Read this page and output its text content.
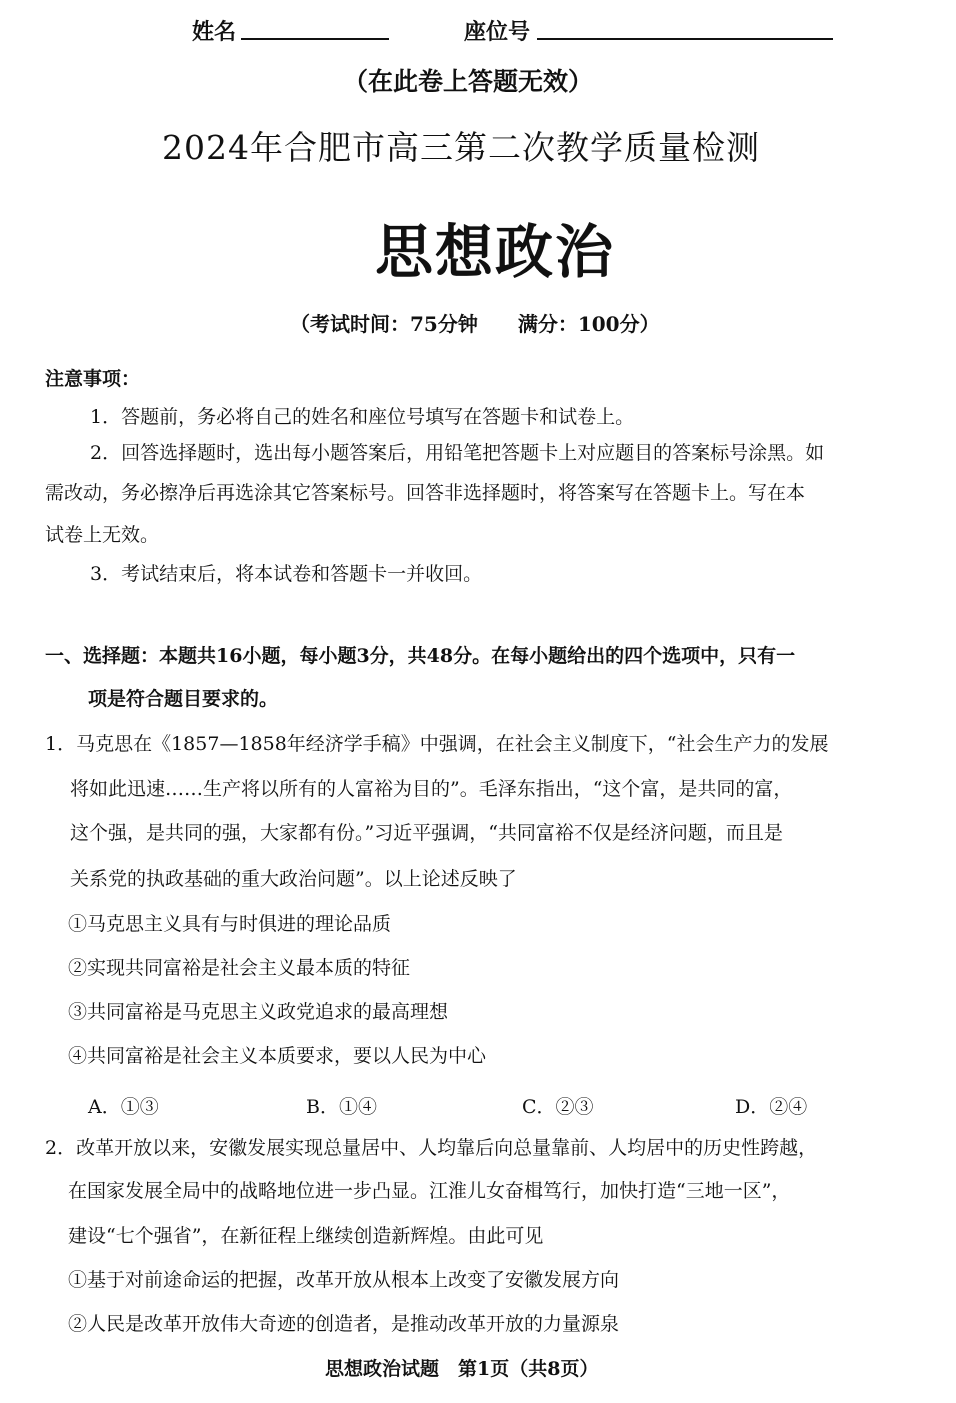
姓名	座位号
（在此卷上答题无效）
2024年合肥市高三第二次教学质量检测
思想政治
（考试时间：75分钟　　满分：100分）
注意事项：
1．答题前，务必将自己的姓名和座位号填写在答题卡和试卷上。
2．回答选择题时，选出每小题答案后，用铅笔把答题卡上对应题目的答案标号涂黑。如
需改动，务必擦净后再选涂其它答案标号。回答非选择题时，将答案写在答题卡上。写在本
试卷上无效。
3．考试结束后，将本试卷和答题卡一并收回。
一、选择题：本题共16小题，每小题3分，共48分。在每小题给出的四个选项中，只有一
项是符合题目要求的。
1．马克思在《1857—1858年经济学手稿》中强调，在社会主义制度下，“社会生产力的发展
将如此迅速……生产将以所有的人富裕为目的”。毛泽东指出，“这个富，是共同的富，
这个强，是共同的强，大家都有份。”习近平强调，“共同富裕不仅是经济问题，而且是
关系党的执政基础的重大政治问题”。以上论述反映了
①马克思主义具有与时俱进的理论品质
②实现共同富裕是社会主义最本质的特征
③共同富裕是马克思主义政党追求的最高理想
④共同富裕是社会主义本质要求，要以人民为中心
A．①③	B．①④	C．②③	D．②④
2．改革开放以来，安徽发展实现总量居中、人均靠后向总量靠前、人均居中的历史性跨越，
在国家发展全局中的战略地位进一步凸显。江淮儿女奋楫笃行，加快打造“三地一区”，
建设“七个强省”，在新征程上继续创造新辉煌。由此可见
①基于对前途命运的把握，改革开放从根本上改变了安徽发展方向
②人民是改革开放伟大奇迹的创造者，是推动改革开放的力量源泉
思想政治试题　第1页（共8页）
